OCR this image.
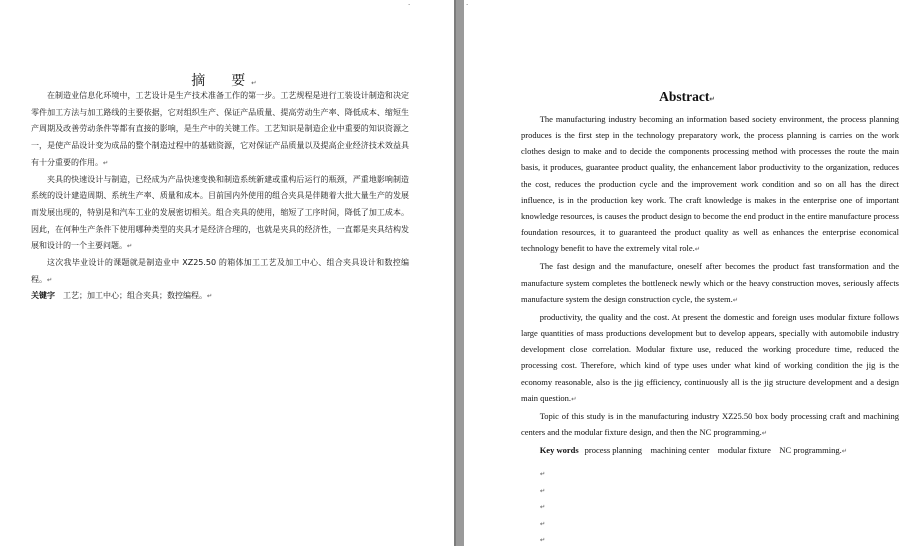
·
摘　要↵

在制造业信息化环境中，工艺设计是生产技术准备工作的第一步。工艺规程是进行工装设计制造和决定零件加工方法与加工路线的主要依据，它对组织生产、保证产品质量、提高劳动生产率、降低成本、缩短生产周期及改善劳动条件等都有直接的影响，是生产中的关键工作。工艺知识是制造企业中重要的知识资源之一，是使产品设计变为成品的整个制造过程中的基础资源，它对保证产品质量以及提高企业经济技术效益具有十分重要的作用。↵

夹具的快速设计与制造，已经成为产品快速变换和制造系统新建或重构后运行的瓶颈，严重地影响制造系统的设计建造周期、系统生产率、质量和成本。目前国内外使用的组合夹具是伴随着大批大量生产的发展而发展出现的，特别是和汽车工业的发展密切相关。组合夹具的使用，缩短了工序时间，降低了加工成本。因此，在何种生产条件下使用哪种类型的夹具才是经济合理的，也就是夹具的经济性，一直都是夹具结构发展和设计的一个主要问题。↵

这次我毕业设计的课题就是制造业中 XZ25.50 的箱体加工工艺及加工中心、组合夹具设计和数控编程。↵

关键字　 工艺；加工中心；组合夹具；数控编程。↵
Abstract↵

The manufacturing industry becoming an information based society environment, the process planning produces is the first step in the technology preparatory work, the process planning is carries on the work clothes design to make and to decide the components processing method with processes the route the main basis, it produces, guarantee product quality, the enhancement labor productivity to the organization, reduces the cost, reduces the production cycle and the improvement work condition and so on all has the direct influence, is in the production key work. The craft knowledge is makes in the enterprise one of important knowledge resources, is causes the product design to become the end product in the entire manufacture process foundation resources, it to guaranteed the product quality as well as enhances the enterprise economical technology benefit to have the extremely vital role.↵

The fast design and the manufacture, oneself after becomes the product fast transformation and the manufacture system completes the bottleneck newly which or the heavy construction moves, seriously affects manufacture system the design construction cycle, the system.↵

productivity, the quality and the cost. At present the domestic and foreign uses modular fixture follows large quantities of mass productions development but to develop appears, specially with automobile industry development close correlation. Modular fixture use, reduced the working procedure time, reduced the processing cost. Therefore, which kind of type uses under what kind of working condition the jig is the economy reasonable, also is the jig efficiency, continuously all is the jig structure development and a design main question.↵

Topic of this study is in the manufacturing industry XZ25.50 box body processing craft and machining centers and the modular fixture design, and then the NC programming.↵

Key words process planning　machining center　modular fixture　NC programming.↵

·
↵
↵
↵
↵
↵
